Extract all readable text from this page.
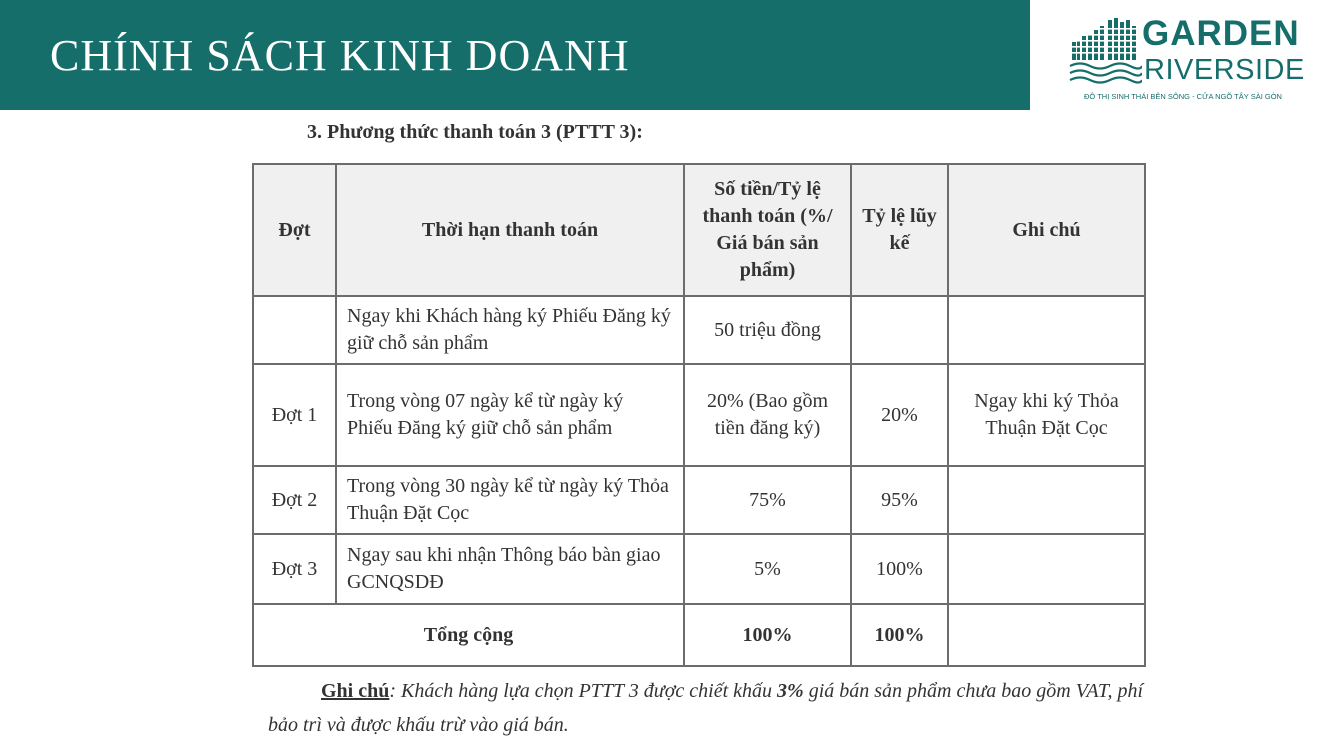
CHÍNH SÁCH KINH DOANH	GARDEN
RIVERSIDE
ĐÔ THỊ SINH THÁI BÊN SÔNG - CỬA NGÕ TÂY SÀI GÒN
3. Phương thức thanh toán 3 (PTTT 3):
Đợt	Thời hạn thanh toán	Số tiền/Tỷ lệ thanh toán (%/ Giá bán sản phẩm)	Tỷ lệ lũy kế	Ghi chú
	Ngay khi Khách hàng ký Phiếu Đăng ký giữ chỗ sản phẩm	50 triệu đồng		
Đợt 1	Trong vòng 07 ngày kể từ ngày ký Phiếu Đăng ký giữ chỗ sản phẩm	20% (Bao gồm tiền đăng ký)	20%	Ngay khi ký Thỏa Thuận Đặt Cọc
Đợt 2	Trong vòng 30 ngày kể từ ngày ký Thỏa Thuận Đặt Cọc	75%	95%	
Đợt 3	Ngay sau khi nhận Thông báo bàn giao GCNQSDĐ	5%	100%	
Tổng cộng		100%	100%	
Ghi chú: Khách hàng lựa chọn PTTT 3 được chiết khấu 3% giá bán sản phẩm chưa bao gồm VAT, phí bảo trì và được khấu trừ vào giá bán.
